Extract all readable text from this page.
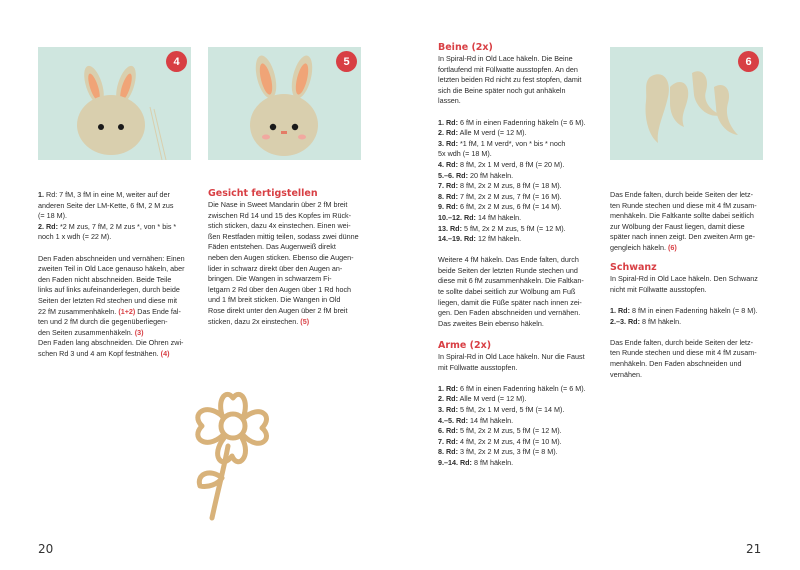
4	5	6

1. Rd: 7 fM, 3 fM in eine M, weiter auf der
anderen Seite der LM-Kette, 6 fM, 2 M zus
(= 18 M).
2. Rd: *2 M zus, 7 fM, 2 M zus *, von * bis *
noch 1 x wdh (= 22 M).

Den Faden abschneiden und vernähen: Einen
zweiten Teil in Old Lace genauso häkeln, aber
den Faden nicht abschneiden. Beide Teile
links auf links aufeinanderlegen, durch beide
Seiten der letzten Rd stechen und diese mit
22 fM zusammenhäkeln. (1+2) Das Ende fal-
ten und 2 fM durch die gegenüberliegen-
den Seiten zusammenhäkeln. (3)
Den Faden lang abschneiden. Die Ohren zwi-
schen Rd 3 und 4 am Kopf festnähen. (4)

Gesicht fertigstellen

Die Nase in Sweet Mandarin über 2 fM breit
zwischen Rd 14 und 15 des Kopfes im Rück-
stich sticken, dazu 4x einstechen. Einen wei-
ßen Restfaden mittig teilen, sodass zwei dünne
Fäden entstehen. Das Augenweiß direkt
neben den Augen sticken. Ebenso die Augen-
lider in schwarz direkt über den Augen an-
bringen. Die Wangen in schwarzem Fi-
letgarn 2 Rd über den Augen über 1 Rd hoch
und 1 fM breit sticken. Die Wangen in Old
Rose direkt unter den Augen über 2 fM breit
sticken, dazu 2x einstechen. (5)

Beine (2x)

In Spiral-Rd in Old Lace häkeln. Die Beine
fortlaufend mit Füllwatte ausstopfen. An den
letzten beiden Rd nicht zu fest stopfen, damit
sich die Beine später noch gut anhäkeln
lassen.

1. Rd: 6 fM in einen Fadenring häkeln (= 6 M).
2. Rd: Alle M verd (= 12 M).
3. Rd: *1 fM, 1 M verd*, von * bis * noch
5x wdh (= 18 M).
4. Rd: 8 fM, 2x 1 M verd, 8 fM (= 20 M).
5.–6. Rd: 20 fM häkeln.
7. Rd: 8 fM, 2x 2 M zus, 8 fM (= 18 M).
8. Rd: 7 fM, 2x 2 M zus, 7 fM (= 16 M).
9. Rd: 6 fM, 2x 2 M zus, 6 fM (= 14 M).
10.–12. Rd: 14 fM häkeln.
13. Rd: 5 fM, 2x 2 M zus, 5 fM (= 12 M).
14.–19. Rd: 12 fM häkeln.

Weitere 4 fM häkeln. Das Ende falten, durch
beide Seiten der letzten Runde stechen und
diese mit 6 fM zusammenhäkeln. Die Faltkan-
te sollte dabei seitlich zur Wölbung am Fuß
liegen, damit die Füße später nach innen zei-
gen. Den Faden abschneiden und vernähen.
Das zweites Bein ebenso häkeln.

Arme (2x)

In Spiral-Rd in Old Lace häkeln. Nur die Faust
mit Füllwatte ausstopfen.

1. Rd: 6 fM in einen Fadenring häkeln (= 6 M).
2. Rd: Alle M verd (= 12 M).
3. Rd: 5 fM, 2x 1 M verd, 5 fM (= 14 M).
4.–5. Rd: 14 fM häkeln.
6. Rd: 5 fM, 2x 2 M zus, 5 fM (= 12 M).
7. Rd: 4 fM, 2x 2 M zus, 4 fM (= 10 M).
8. Rd: 3 fM, 2x 2 M zus, 3 fM (= 8 M).
9.–14. Rd: 8 fM häkeln.

Das Ende falten, durch beide Seiten der letz-
ten Runde stechen und diese mit 4 fM zusam-
menhäkeln. Die Faltkante sollte dabei seitlich
zur Wölbung der Faust liegen, damit diese
später nach innen zeigt. Den zweiten Arm ge-
gengleich häkeln. (6)

Schwanz

In Spiral-Rd in Old Lace häkeln. Den Schwanz
nicht mit Füllwatte ausstopfen.

1. Rd: 8 fM in einen Fadenring häkeln (= 8 M).
2.–3. Rd: 8 fM häkeln.

Das Ende falten, durch beide Seiten der letz-
ten Runde stechen und diese mit 4 fM zusam-
menhäkeln. Den Faden abschneiden und
vernähen.

20	21
